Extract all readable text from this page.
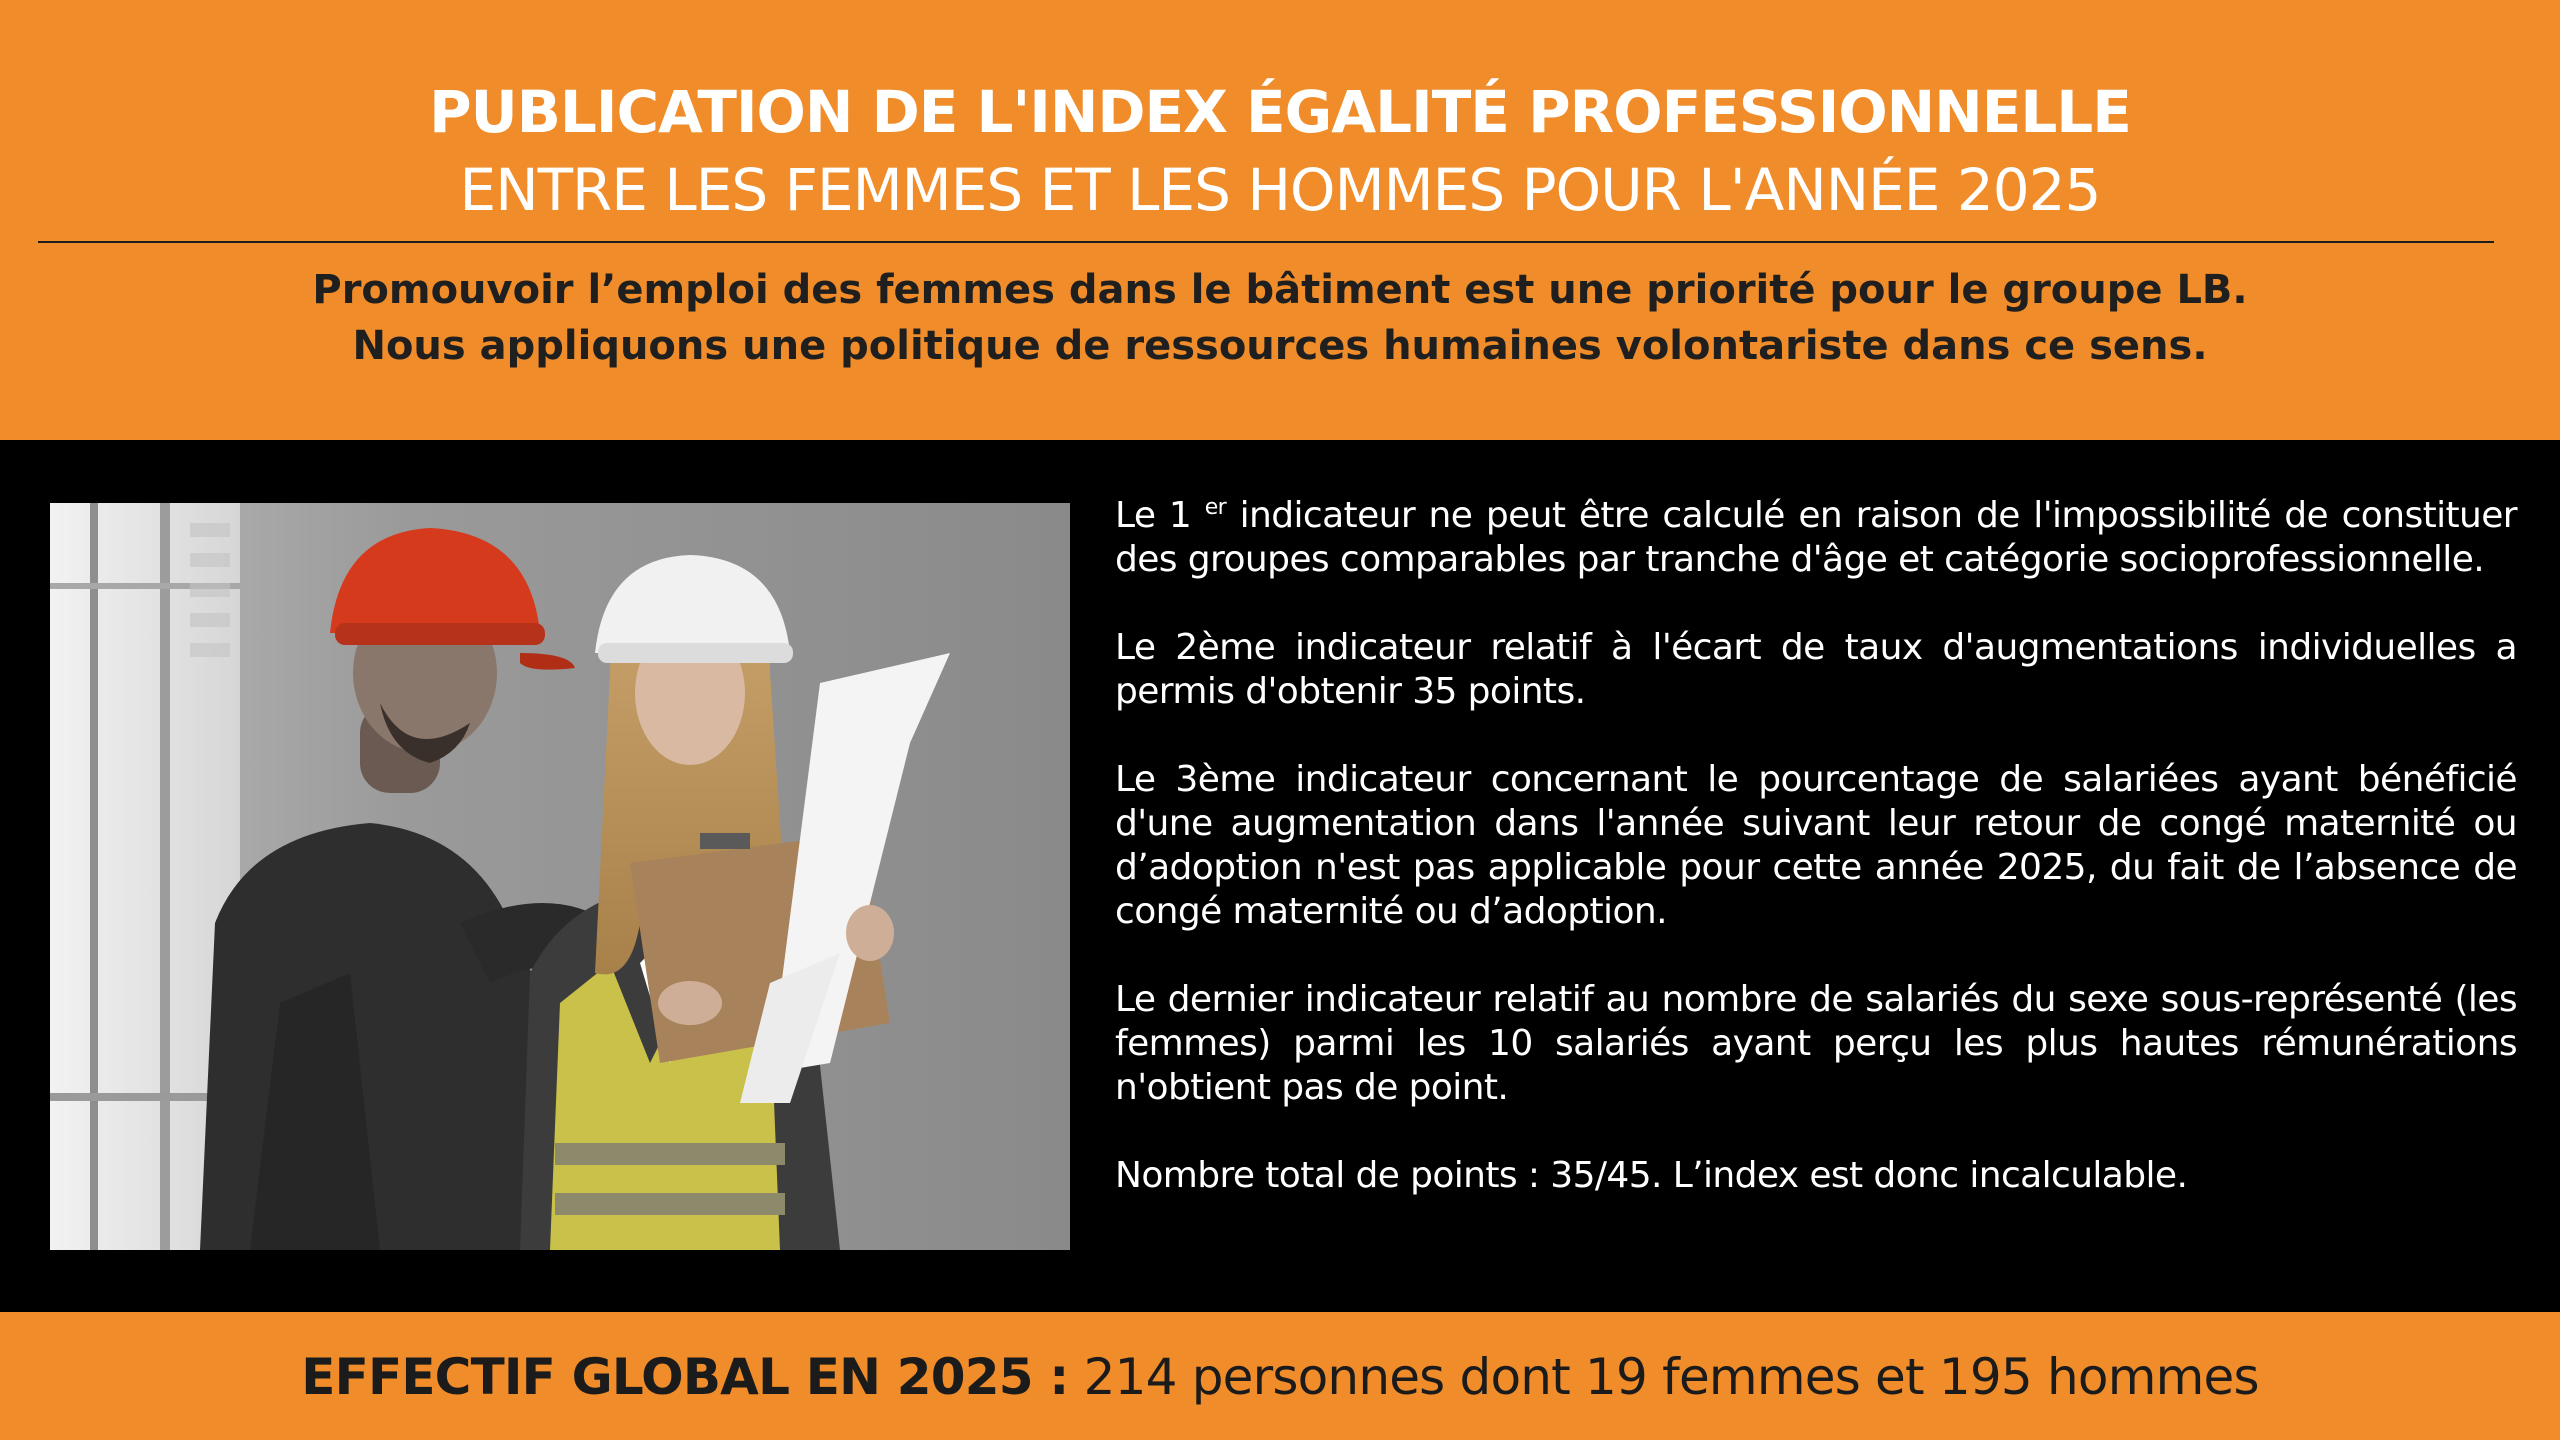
PUBLICATION DE L'INDEX ÉGALITÉ PROFESSIONNELLE
ENTRE LES FEMMES ET LES HOMMES POUR L'ANNÉE 2025
Promouvoir l’emploi des femmes dans le bâtiment est une priorité pour le groupe LB.
Nous appliquons une politique de ressources humaines volontariste dans ce sens.

Le 1 $^{er}$ indicateur ne peut être calculé en raison de l'impossibilité de constituer des groupes comparables par tranche d'âge et catégorie socioprofessionnelle.

Le 2ème indicateur relatif à l'écart de taux d'augmentations individuelles a permis d'obtenir 35 points.

Le 3ème indicateur concernant le pourcentage de salariées ayant bénéficié d'une augmentation dans l'année suivant leur retour de congé maternité ou d’adoption n'est pas applicable pour cette année 2025, du fait de l’absence de congé maternité ou d’adoption.

Le dernier indicateur relatif au nombre de salariés du sexe sous-représenté (les femmes) parmi les 10 salariés ayant perçu les plus hautes rémunérations n'obtient pas de point.

Nombre total de points : 35/45. L’index est donc incalculable.

EFFECTIF GLOBAL EN 2025 : 214 personnes dont 19 femmes et 195 hommes
